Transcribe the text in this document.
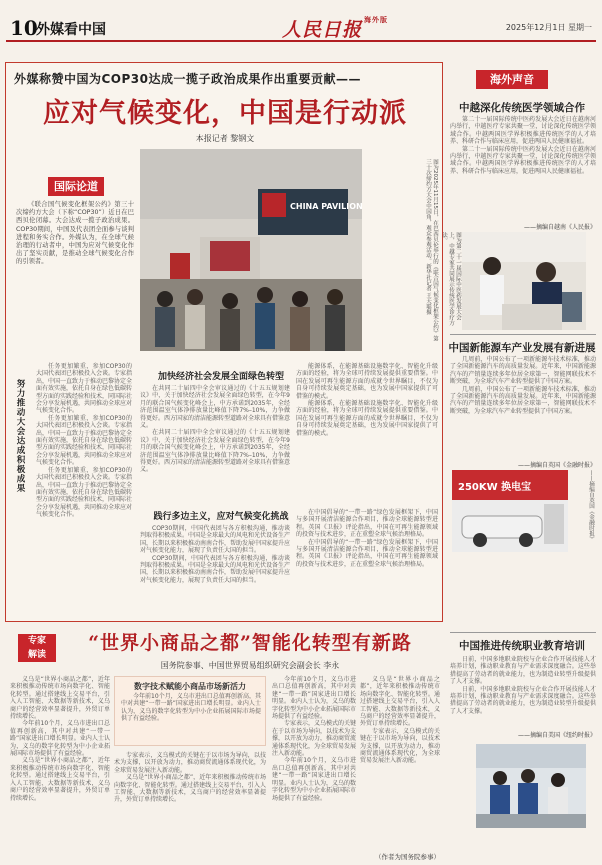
10
外媒看中国	人民日报 $^{海外版}$
2025年12月1日 星期一
外媒称赞中国为COP30达成一揽子政治成果作出重要贡献——
应对气候变化，中国是行动派
本报记者 黎钢文
国际论道

《联合国气候变化框架公约》第三十次缔约方大会（下称“COP30”）近日在巴西贝伦闭幕。大会达成一揽子政治成果。COP30期间，中国及代表团全面参与谈判进程和务实合作。外媒认为，在全球气候治理的行动者中，中国为应对气候变化作出了坚实贡献，是推动全球气候变化合作的引领者。

CHINA PAVILION	图为2025年11月15日，在巴西贝伦举行的《联合国气候变化框架公约》第三十次缔约方大会中国角，观众参观活动。新华社记者 王天聪摄
努力推动大会达成积极成果

任务更加繁重，参加COP30的大国代表团已积极投入会谈。专家指出，中国一直致力于推动巴黎协定全面有效实施，依托自身在绿色低碳转型方面的实践经验和技术，同国际社会分享发展机遇，共同推动全球应对气候变化合作。

任务更加繁重，参加COP30的大国代表团已积极投入会谈。专家指出，中国一直致力于推动巴黎协定全面有效实施，依托自身在绿色低碳转型方面的实践经验和技术，同国际社会分享发展机遇，共同推动全球应对气候变化合作。

任务更加繁重，参加COP30的大国代表团已积极投入会谈。专家指出，中国一直致力于推动巴黎协定全面有效实施，依托自身在绿色低碳转型方面的实践经验和技术，同国际社会分享发展机遇，共同推动全球应对气候变化合作。

加快经济社会发展全面绿色转型

在共同二十届四中全会审议通过的《十五五规划建议》中，关于加快经济社会发展全面绿色转型，在今年9月的联合国气候变化峰会上，中方承诺到2035年，全经济范围温室气体净排放量比峰值下降7%–10%，力争做得更好。西方国家的清洁能源转型道路对全球具有借鉴意义。

在共同二十届四中全会审议通过的《十五五规划建议》中，关于加快经济社会发展全面绿色转型，在今年9月的联合国气候变化峰会上，中方承诺到2035年，全经济范围温室气体净排放量比峰值下降7%–10%，力争做得更好。西方国家的清洁能源转型道路对全球具有借鉴意义。

能源体系，在能源基础设施数字化、智能化升级方面的经验，将为全球可持续发展提供重要借鉴。中国在发展可再生能源方面的成就令世界瞩目，不仅为自身可持续发展奠定基础，也为发展中国家提供了可借鉴的模式。

能源体系，在能源基础设施数字化、智能化升级方面的经验，将为全球可持续发展提供重要借鉴。中国在发展可再生能源方面的成就令世界瞩目，不仅为自身可持续发展奠定基础，也为发展中国家提供了可借鉴的模式。

践行多边主义，应对气候变化挑战

COP30期间，中国代表团与各方积极沟通，推动谈判取得积极成果。中国是全球最大的风电和光伏设备生产国，长期以来积极推动南南合作，帮助发展中国家提升应对气候变化能力，展现了负责任大国的担当。

COP30期间，中国代表团与各方积极沟通，推动谈判取得积极成果。中国是全球最大的风电和光伏设备生产国，长期以来积极推动南南合作，帮助发展中国家提升应对气候变化能力，展现了负责任大国的担当。

在中国倡导的“一带一路”绿色发展框架下，中国与多国开展清洁能源合作项目，推动全球能源转型进程。英国《卫报》评论指出，中国在可再生能源领域的投资与技术进步，正在重塑全球气候治理格局。

在中国倡导的“一带一路”绿色发展框架下，中国与多国开展清洁能源合作项目，推动全球能源转型进程。英国《卫报》评论指出，中国在可再生能源领域的投资与技术进步，正在重塑全球气候治理格局。

海外声音
中越深化传统医学领域合作

第二十一届国际传统中医药发展大会近日在越南河内举行，中越医疗专家共聚一堂，讨论深化传统医学领域合作。中越两国医学界积极推进传统医学的人才培养、科研合作与临床应用，促进两国人民健康福祉。

第二十一届国际传统中医药发展大会近日在越南河内举行，中越医疗专家共聚一堂，讨论深化传统医学领域合作。中越两国医学界积极推进传统医学的人才培养、科研合作与临床应用，促进两国人民健康福祉。

——摘编自越南《人民报》
图为第二十一届国际中医药发展大会上，中越专家共同展示传统医学诊疗方法。
中国新能源车产业发展有新进展

几周前，中国公布了一项新能源车技术标准，推动了全国新能源汽车的高质量发展。近年来，中国新能源汽车的产销量连续多年位居全球第一，智能网联技术不断突破，为全球汽车产业转型提供了中国方案。

几周前，中国公布了一项新能源车技术标准，推动了全国新能源汽车的高质量发展。近年来，中国新能源汽车的产销量连续多年位居全球第一，智能网联技术不断突破，为全球汽车产业转型提供了中国方案。

——摘编自英国《金融时报》
250KW 换电宝	——摘编自英国《金融时报》
中国推进传统职业教育培训

日前，中国多地职业院校与企业合作开展技能人才培养计划，推动职业教育与产业需求深度融合。这些举措提高了劳动者的就业能力，也为制造业转型升级提供了人才支撑。

日前，中国多地职业院校与企业合作开展技能人才培养计划，推动职业教育与产业需求深度融合。这些举措提高了劳动者的就业能力，也为制造业转型升级提供了人才支撑。

——摘编自美国《纽约时报》
专家
解读
“世界小商品之都”智能化转型有新路
国务院参事、中国世界贸易组织研究会副会长 李永

义乌是“世界小商品之都”，近年来积极推动传统市场向数字化、智能化转型。通过搭建线上交易平台，引入人工智能、大数据等新技术，义乌商户的经营效率显著提升，外贸订单持续增长。

今年前10个月，义乌市进出口总值再创新高，其中对共建“一带一路”国家进出口增长明显。业内人士认为，义乌的数字化转型为中小企业拓展国际市场提供了有益经验。

义乌是“世界小商品之都”，近年来积极推动传统市场向数字化、智能化转型。通过搭建线上交易平台，引入人工智能、大数据等新技术，义乌商户的经营效率显著提升，外贸订单持续增长。

数字技术赋能小商品市场新活力

今年前10个月，义乌市进出口总值再创新高，其中对共建“一带一路”国家进出口增长明显。业内人士认为，义乌的数字化转型为中小企业拓展国际市场提供了有益经验。

专家表示，义乌模式的关键在于以市场为导向，以技术为支撑，以开放为动力，推动商贸流通体系现代化，为全球贸易发展注入新动能。

义乌是“世界小商品之都”，近年来积极推动传统市场向数字化、智能化转型。通过搭建线上交易平台，引入人工智能、大数据等新技术，义乌商户的经营效率显著提升，外贸订单持续增长。

今年前10个月，义乌市进出口总值再创新高，其中对共建“一带一路”国家进出口增长明显。业内人士认为，义乌的数字化转型为中小企业拓展国际市场提供了有益经验。

专家表示，义乌模式的关键在于以市场为导向，以技术为支撑，以开放为动力，推动商贸流通体系现代化，为全球贸易发展注入新动能。

今年前10个月，义乌市进出口总值再创新高，其中对共建“一带一路”国家进出口增长明显。业内人士认为，义乌的数字化转型为中小企业拓展国际市场提供了有益经验。

义乌是“世界小商品之都”，近年来积极推动传统市场向数字化、智能化转型。通过搭建线上交易平台，引入人工智能、大数据等新技术，义乌商户的经营效率显著提升，外贸订单持续增长。

专家表示，义乌模式的关键在于以市场为导向，以技术为支撑，以开放为动力，推动商贸流通体系现代化，为全球贸易发展注入新动能。

（作者为国务院参事）
